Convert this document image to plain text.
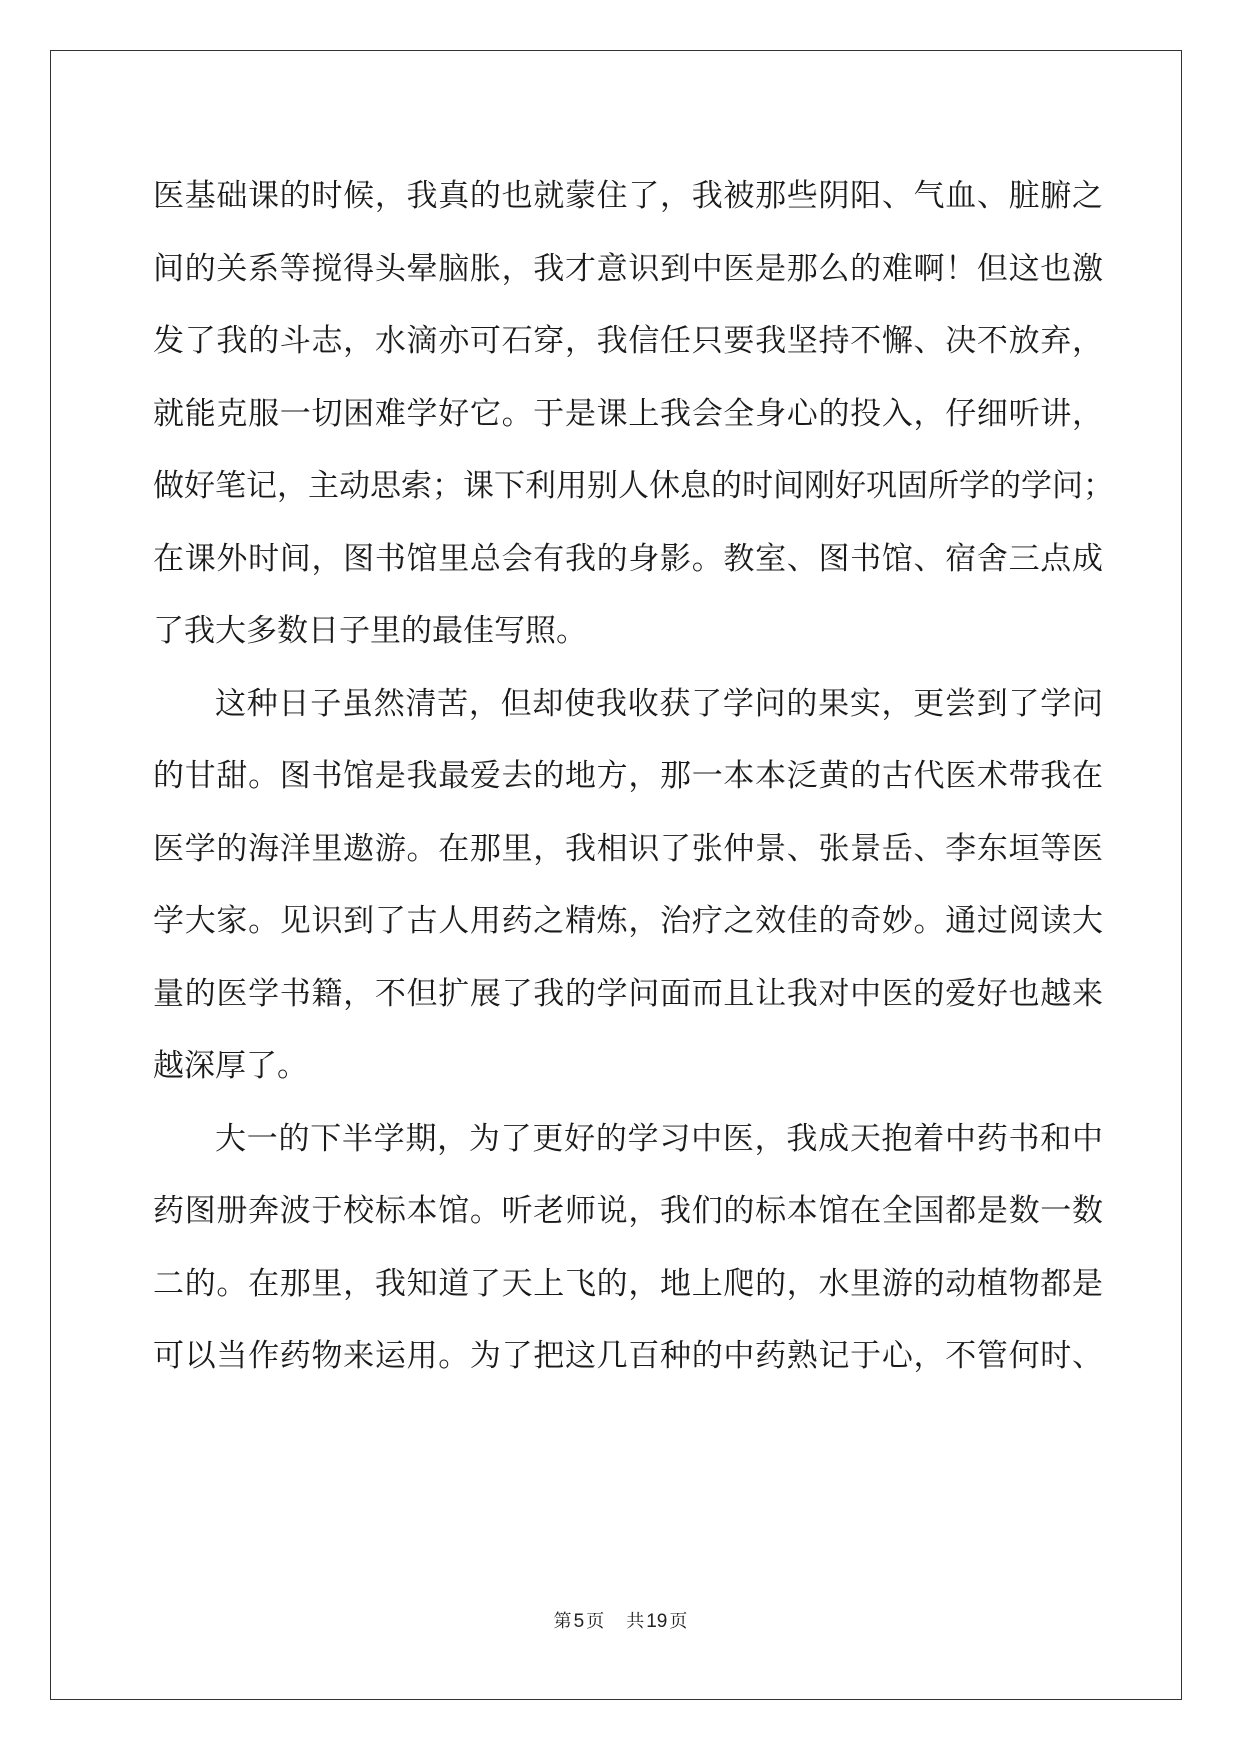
医基础课的时候，我真的也就蒙住了，我被那些阴阳、气血、脏腑之
间的关系等搅得头晕脑胀，我才意识到中医是那么的难啊！但这也激
发了我的斗志，水滴亦可石穿，我信任只要我坚持不懈、决不放弃，
就能克服一切困难学好它。于是课上我会全身心的投入，仔细听讲，
做好笔记，主动思索；课下利用别人休息的时间刚好巩固所学的学问；
在课外时间，图书馆里总会有我的身影。教室、图书馆、宿舍三点成
了我大多数日子里的最佳写照。
这种日子虽然清苦，但却使我收获了学问的果实，更尝到了学问
的甘甜。图书馆是我最爱去的地方，那一本本泛黄的古代医术带我在
医学的海洋里遨游。在那里，我相识了张仲景、张景岳、李东垣等医
学大家。见识到了古人用药之精炼，治疗之效佳的奇妙。通过阅读大
量的医学书籍，不但扩展了我的学问面而且让我对中医的爱好也越来
越深厚了。
大一的下半学期，为了更好的学习中医，我成天抱着中药书和中
药图册奔波于校标本馆。听老师说，我们的标本馆在全国都是数一数
二的。在那里，我知道了天上飞的，地上爬的，水里游的动植物都是
可以当作药物来运用。为了把这几百种的中药熟记于心，不管何时、
第 5 页 共 19 页
